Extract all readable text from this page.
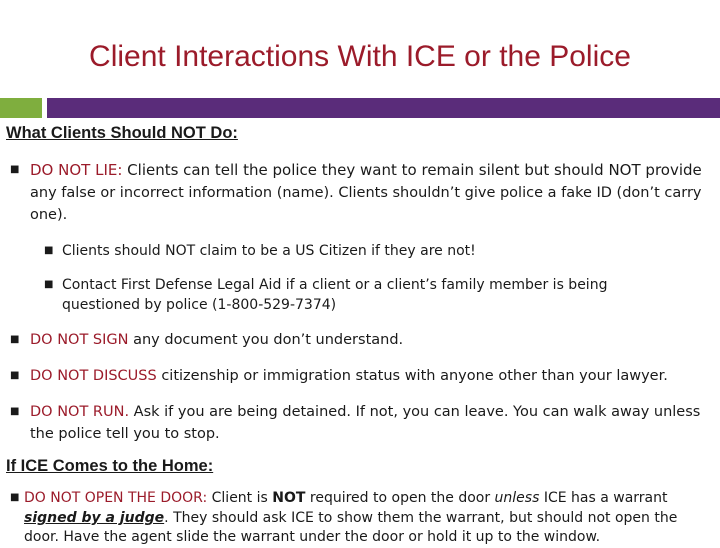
Client Interactions With ICE or the Police
What Clients Should NOT Do:
■ DO NOT LIE: Clients can tell the police they want to remain silent but should NOT provide
any false or incorrect information (name). Clients shouldn’t give police a fake ID (don’t carry
one).
■ Clients should NOT claim to be a US Citizen if they are not!
■ Contact First Defense Legal Aid if a client or a client’s family member is being
questioned by police (1-800-529-7374)
■ DO NOT SIGN any document you don’t understand.
■ DO NOT DISCUSS citizenship or immigration status with anyone other than your lawyer.
■ DO NOT RUN. Ask if you are being detained. If not, you can leave. You can walk away unless
the police tell you to stop.
If ICE Comes to the Home:
■ DO NOT OPEN THE DOOR: Client is NOT required to open the door unless ICE has a warrant
signed by a judge. They should ask ICE to show them the warrant, but should not open the
door. Have the agent slide the warrant under the door or hold it up to the window.
